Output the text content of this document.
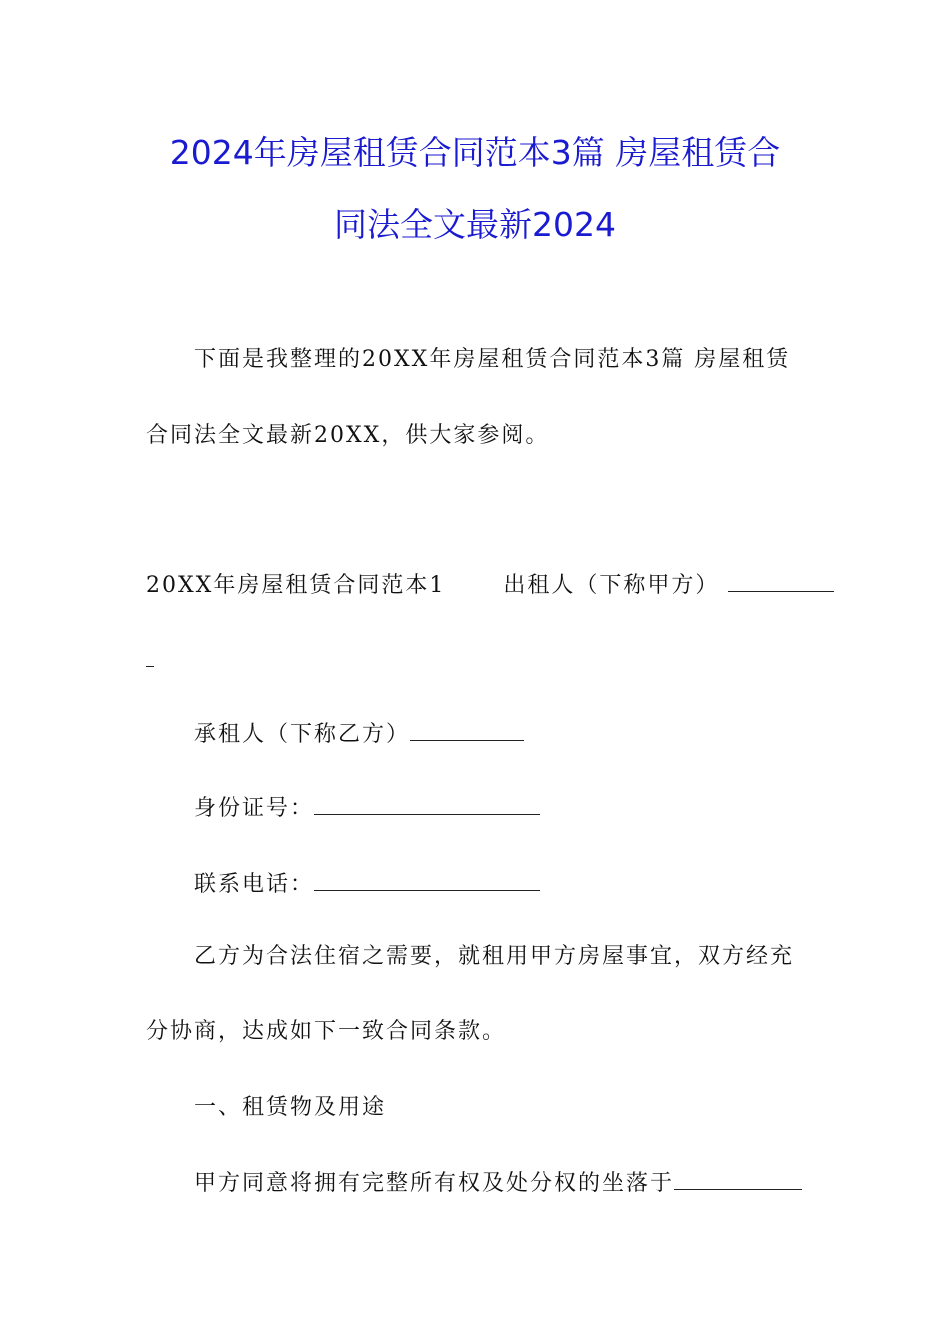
2024年房屋租赁合同范本3篇 房屋租赁合
同法全文最新2024
下面是我整理的20XX年房屋租赁合同范本3篇 房屋租赁
合同法全文最新20XX，供大家参阅。
20XX年房屋租赁合同范本1	出租人（下称甲方）
承租人（下称乙方）
身份证号：
联系电话：
乙方为合法住宿之需要，就租用甲方房屋事宜，双方经充
分协商，达成如下一致合同条款。
一、租赁物及用途
甲方同意将拥有完整所有权及处分权的坐落于
